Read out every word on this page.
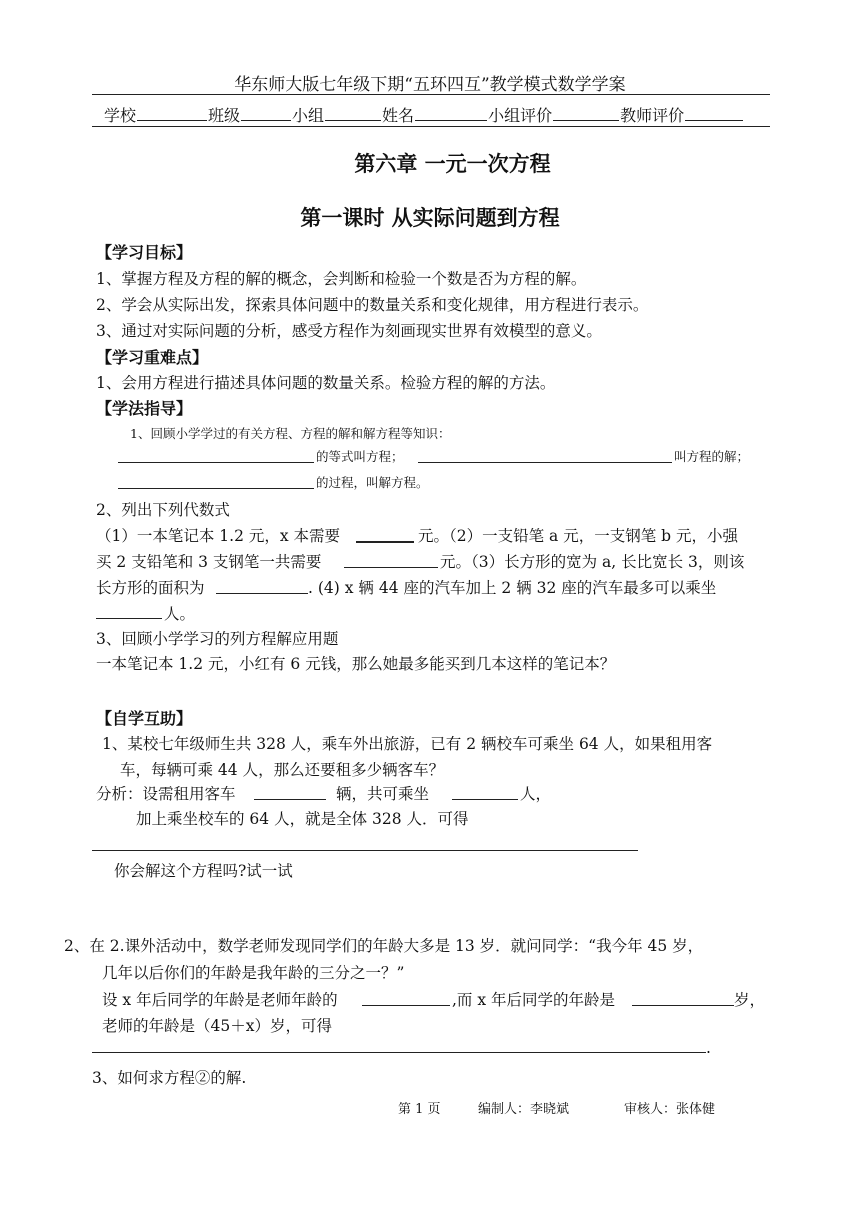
华东师大版七年级下期“五环四互”教学模式数学学案
学校	班级	小组	姓名	小组评价	教师评价
第六章 一元一次方程
第一课时 从实际问题到方程
【学习目标】
1、掌握方程及方程的解的概念，会判断和检验一个数是否为方程的解。
2、学会从实际出发，探索具体问题中的数量关系和变化规律，用方程进行表示。
3、通过对实际问题的分析，感受方程作为刻画现实世界有效模型的意义。
【学习重难点】
1、会用方程进行描述具体问题的数量关系。检验方程的解的方法。
【学法指导】
1、回顾小学学过的有关方程、方程的解和解方程等知识：
的等式叫方程；	叫方程的解；
的过程，叫解方程。
2、列出下列代数式
（1）一本笔记本 1.2 元，x 本需要	元。（2）一支铅笔 a 元，一支钢笔 b 元，小强
买 2 支铅笔和 3 支钢笔一共需要	元。（3）长方形的宽为 a, 长比宽长 3，则该
长方形的面积为	. (4) x 辆 44 座的汽车加上 2 辆 32 座的汽车最多可以乘坐
人。
3、回顾小学学习的列方程解应用题
一本笔记本 1.2 元，小红有 6 元钱，那么她最多能买到几本这样的笔记本？
【自学互助】
1、某校七年级师生共 328 人，乘车外出旅游，已有 2 辆校车可乘坐 64 人，如果租用客
车，每辆可乘 44 人，那么还要租多少辆客车？
分析：设需租用客车	辆，共可乘坐	人，
加上乘坐校车的 64 人，就是全体 328 人．可得
你会解这个方程吗?试一试
2、在 2.课外活动中，数学老师发现同学们的年龄大多是 13 岁．就问同学：“我今年 45 岁，
几年以后你们的年龄是我年龄的三分之一？”
设 x 年后同学的年龄是老师年龄的	,而 x 年后同学的年龄是	岁，
老师的年龄是（45＋x）岁，可得
.
3、如何求方程②的解.
第 1 页	编制人：李晓斌	审核人：张体健
